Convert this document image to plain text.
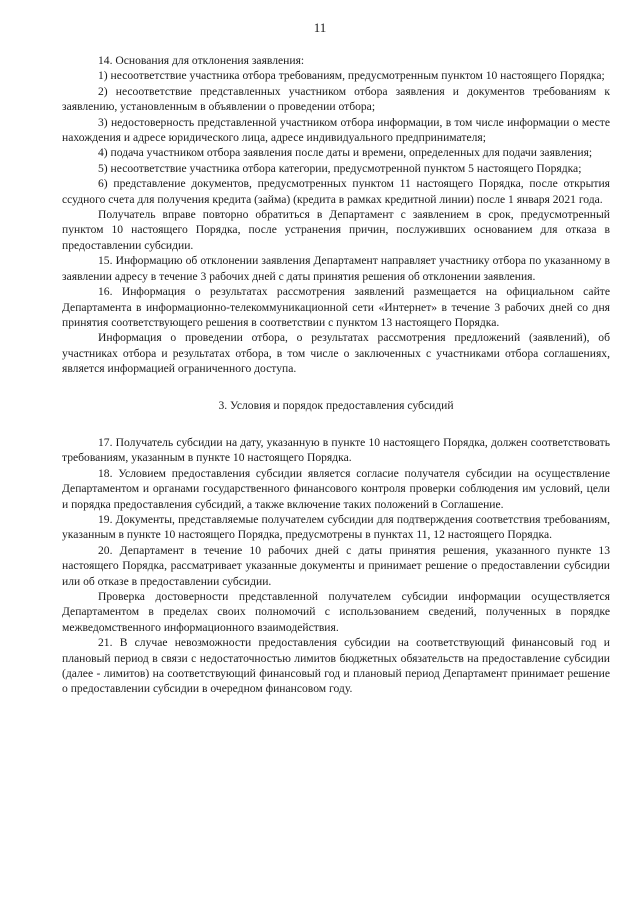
11

14. Основания для отклонения заявления:

1) несоответствие участника отбора требованиям, предусмотренным пунктом 10 настоящего Порядка;

2) несоответствие представленных участником отбора заявления и документов требованиям к заявлению, установленным в объявлении о проведении отбора;

3) недостоверность представленной участником отбора информации, в том числе информации о месте нахождения и адресе юридического лица, адресе индивидуального предпринимателя;

4) подача участником отбора заявления после даты и времени, определенных для подачи заявления;

5) несоответствие участника отбора категории, предусмотренной пунктом 5 настоящего Порядка;

6) представление документов, предусмотренных пунктом 11 настоящего Порядка, после открытия ссудного счета для получения кредита (займа) (кредита в рамках кредитной линии) после 1 января 2021 года.

Получатель вправе повторно обратиться в Департамент с заявлением в срок, предусмотренный пунктом 10 настоящего Порядка, после устранения причин, послуживших основанием для отказа в предоставлении субсидии.

15. Информацию об отклонении заявления Департамент направляет участнику отбора по указанному в заявлении адресу в течение 3 рабочих дней с даты принятия решения об отклонении заявления.

16. Информация о результатах рассмотрения заявлений размещается на официальном сайте Департамента в информационно-телекоммуникационной сети «Интернет» в течение 3 рабочих дней со дня принятия соответствующего решения в соответствии с пунктом 13 настоящего Порядка.

Информация о проведении отбора, о результатах рассмотрения предложений (заявлений), об участниках отбора и результатах отбора, в том числе о заключенных с участниками отбора соглашениях, является информацией ограниченного доступа.

3. Условия и порядок предоставления субсидий

17. Получатель субсидии на дату, указанную в пункте 10 настоящего Порядка, должен соответствовать требованиям, указанным в пункте 10 настоящего Порядка.

18. Условием предоставления субсидии является согласие получателя субсидии на осуществление Департаментом и органами государственного финансового контроля проверки соблюдения им условий, цели и порядка предоставления субсидий, а также включение таких положений в Соглашение.

19. Документы, представляемые получателем субсидии для подтверждения соответствия требованиям, указанным в пункте 10 настоящего Порядка, предусмотрены в пунктах 11, 12 настоящего Порядка.

20. Департамент в течение 10 рабочих дней с даты принятия решения, указанного пункте 13 настоящего Порядка, рассматривает указанные документы и принимает решение о предоставлении субсидии или об отказе в предоставлении субсидии.

Проверка достоверности представленной получателем субсидии информации осуществляется Департаментом в пределах своих полномочий с использованием сведений, полученных в порядке межведомственного информационного взаимодействия.

21. В случае невозможности предоставления субсидии на соответствующий финансовый год и плановый период в связи с недостаточностью лимитов бюджетных обязательств на предоставление субсидии (далее - лимитов) на соответствующий финансовый год и плановый период Департамент принимает решение о предоставлении субсидии в очередном финансовом году.
